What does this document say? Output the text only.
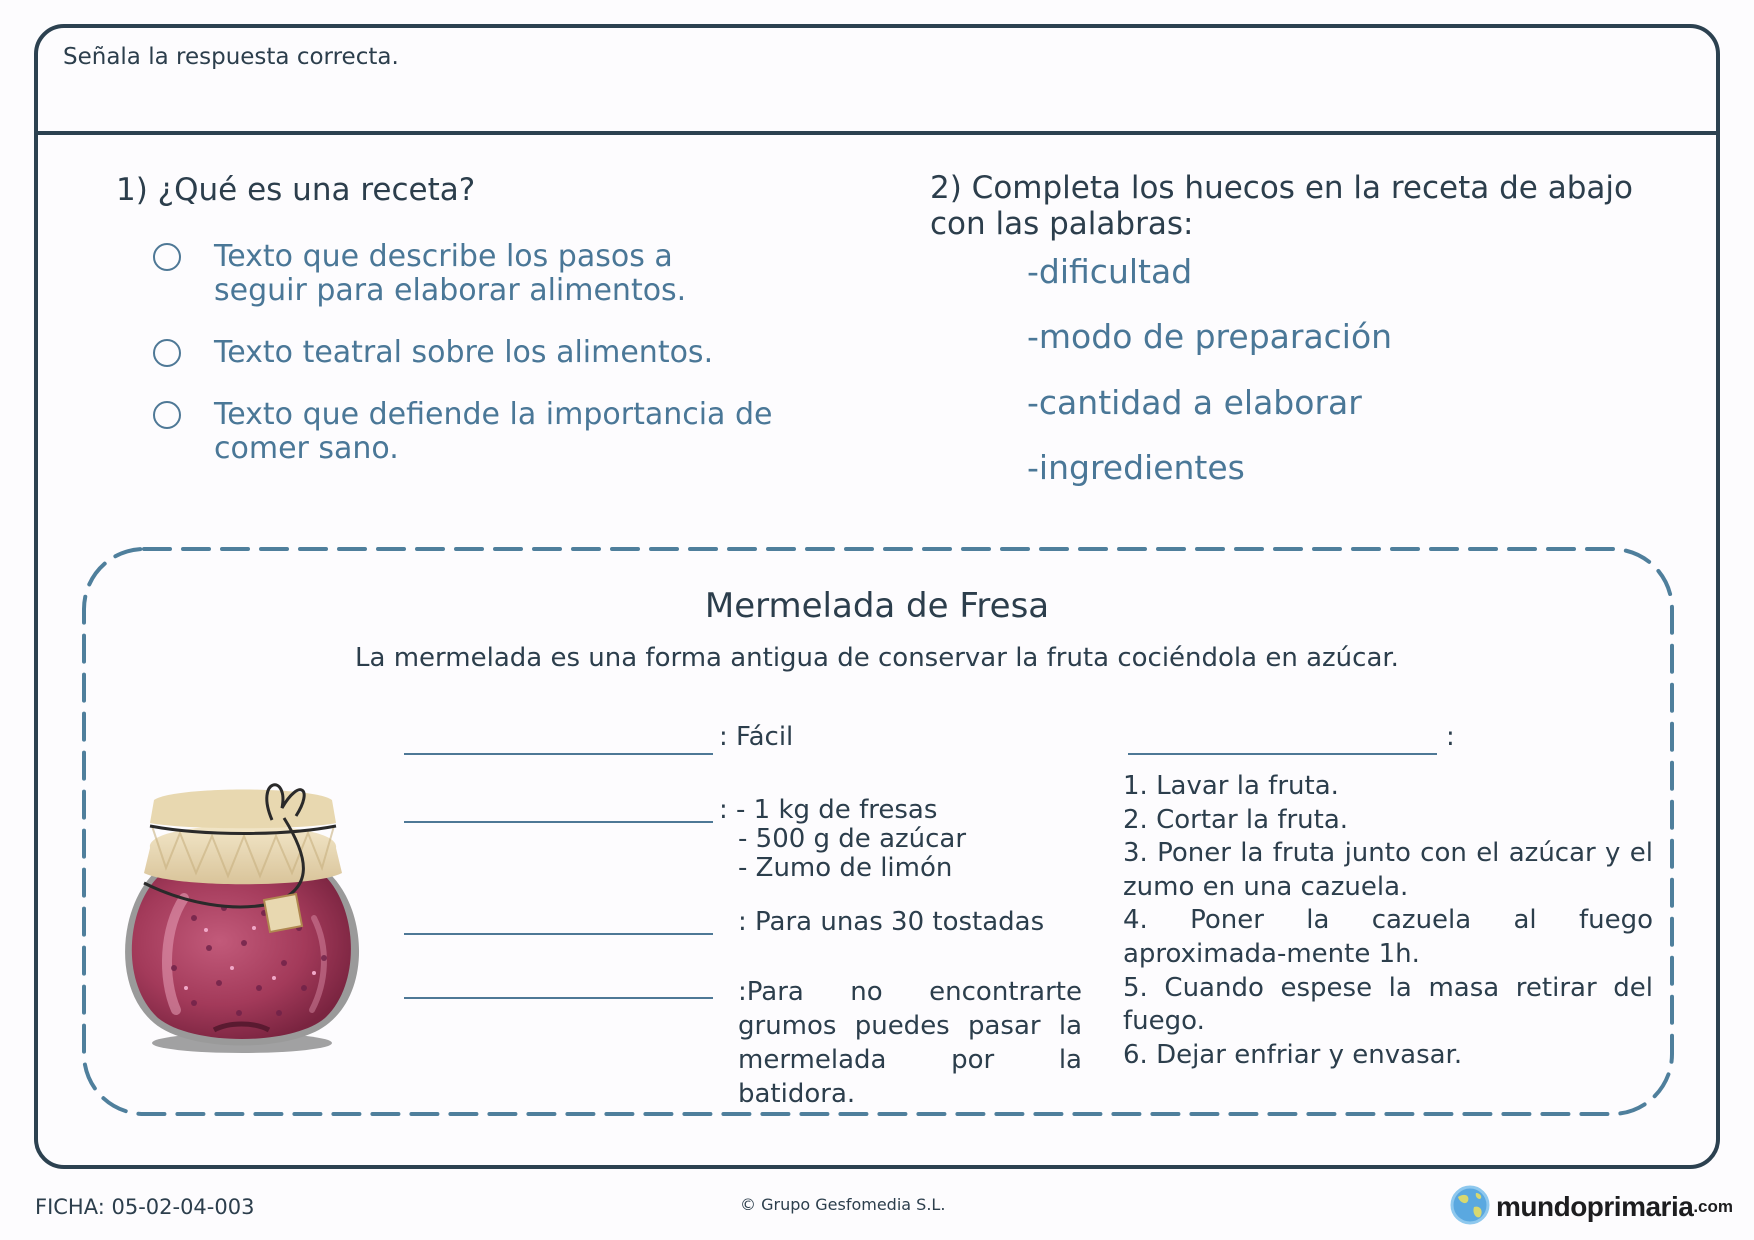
Señala la respuesta correcta.
1) ¿Qué es una receta?
Texto que describe los pasos a seguir para elaborar alimentos.
Texto teatral sobre los alimentos.
Texto que defiende la importancia de comer sano.
2) Completa los huecos en la receta de abajo
con las palabras:
-dificultad
-modo de preparación
-cantidad a elaborar
-ingredientes
Mermelada de Fresa
La mermelada es una forma antigua de conservar la fruta cociéndola en azúcar.
: Fácil
: - 1 kg de fresas
- 500 g de azúcar
- Zumo de limón
: Para unas 30 tostadas
:Para no encontrarte grumos puedes pasar la mermelada por la batidora.
:
1. Lavar la fruta.
2. Cortar la fruta.
3. Poner la fruta junto con el azúcar y el zumo en una cazuela.
4. Poner la cazuela al fuego aproximada-mente 1h.
5. Cuando espese la masa retirar del fuego.
6. Dejar enfriar y envasar.
FICHA: 05-02-04-003	© Grupo Gesfomedia S.L.	mundoprimaria .com
